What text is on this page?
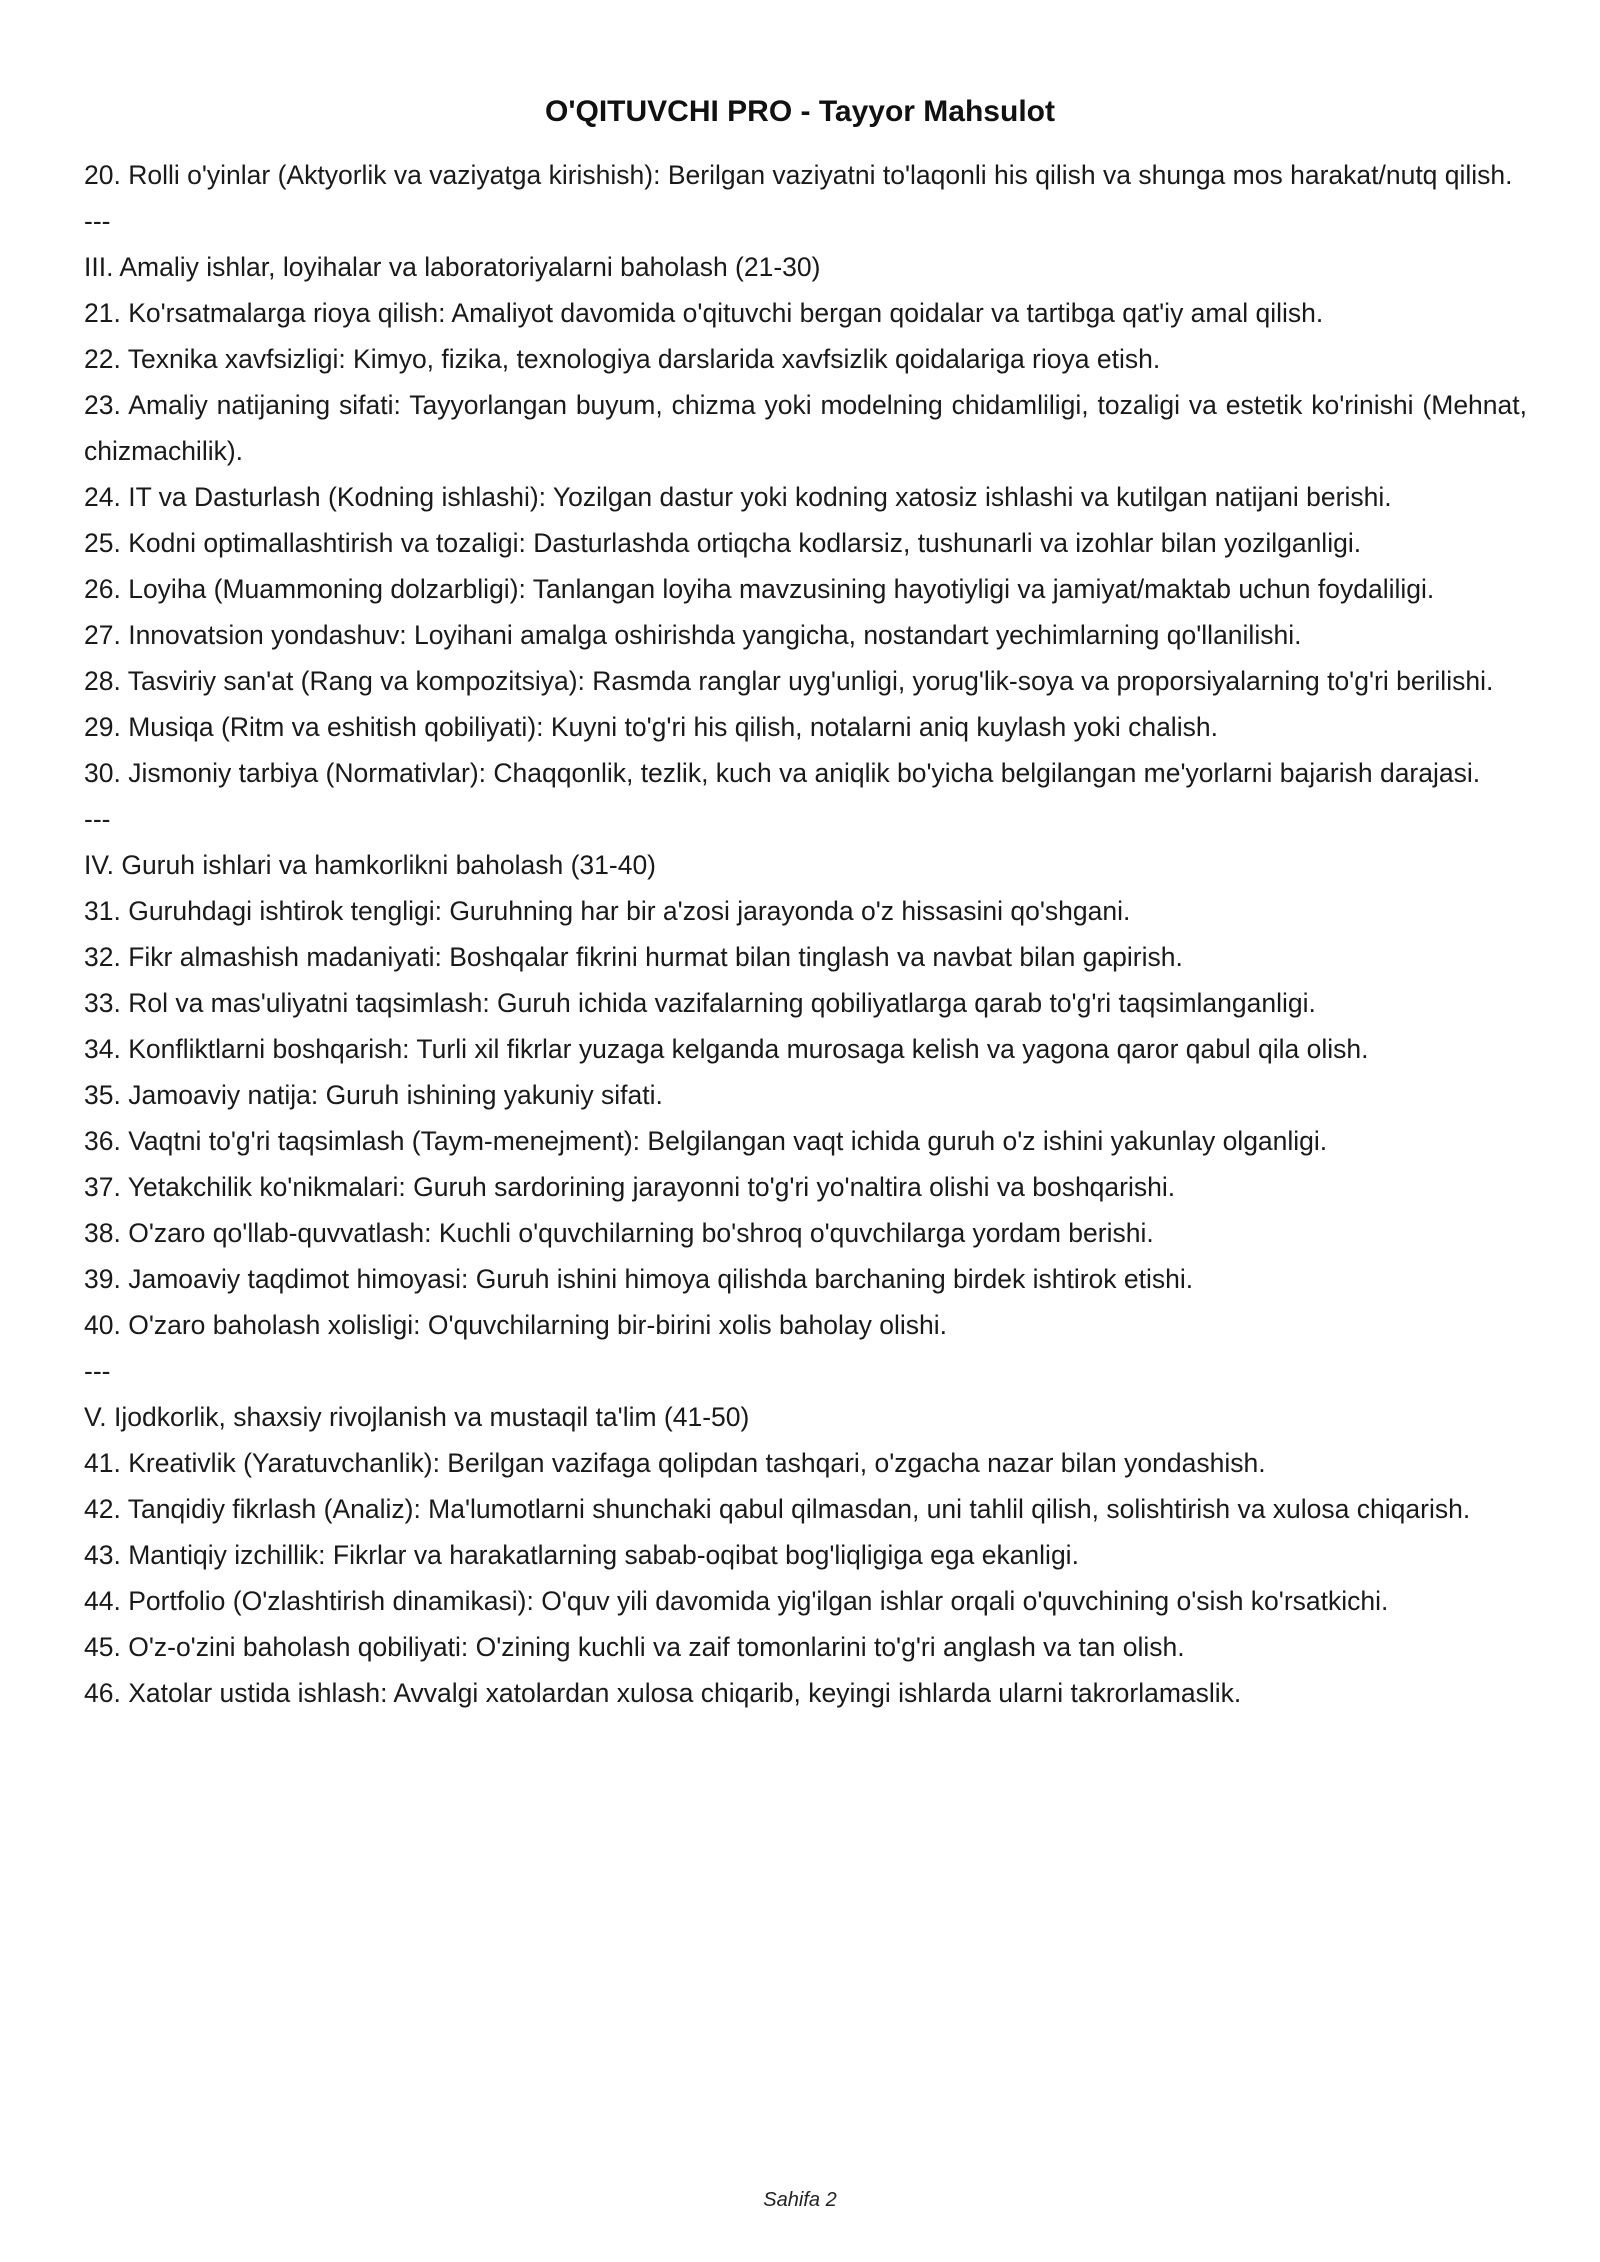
O'QITUVCHI PRO - Tayyor Mahsulot

20. Rolli o'yinlar (Aktyorlik va vaziyatga kirishish): Berilgan vaziyatni to'laqonli his qilish va shunga mos harakat/nutq qilish.

---

III. Amaliy ishlar, loyihalar va laboratoriyalarni baholash (21-30)

21. Ko'rsatmalarga rioya qilish: Amaliyot davomida o'qituvchi bergan qoidalar va tartibga qat'iy amal qilish.

22. Texnika xavfsizligi: Kimyo, fizika, texnologiya darslarida xavfsizlik qoidalariga rioya etish.

23. Amaliy natijaning sifati: Tayyorlangan buyum, chizma yoki modelning chidamliligi, tozaligi va estetik ko'rinishi (Mehnat, chizmachilik).

24. IT va Dasturlash (Kodning ishlashi): Yozilgan dastur yoki kodning xatosiz ishlashi va kutilgan natijani berishi.

25. Kodni optimallashtirish va tozaligi: Dasturlashda ortiqcha kodlarsiz, tushunarli va izohlar bilan yozilganligi.

26. Loyiha (Muammoning dolzarbligi): Tanlangan loyiha mavzusining hayotiyligi va jamiyat/maktab uchun foydaliligi.

27. Innovatsion yondashuv: Loyihani amalga oshirishda yangicha, nostandart yechimlarning qo'llanilishi.

28. Tasviriy san'at (Rang va kompozitsiya): Rasmda ranglar uyg'unligi, yorug'lik-soya va proporsiyalarning to'g'ri berilishi.

29. Musiqa (Ritm va eshitish qobiliyati): Kuyni to'g'ri his qilish, notalarni aniq kuylash yoki chalish.

30. Jismoniy tarbiya (Normativlar): Chaqqonlik, tezlik, kuch va aniqlik bo'yicha belgilangan me'yorlarni bajarish darajasi.

---

IV. Guruh ishlari va hamkorlikni baholash (31-40)

31. Guruhdagi ishtirok tengligi: Guruhning har bir a'zosi jarayonda o'z hissasini qo'shgani.

32. Fikr almashish madaniyati: Boshqalar fikrini hurmat bilan tinglash va navbat bilan gapirish.

33. Rol va mas'uliyatni taqsimlash: Guruh ichida vazifalarning qobiliyatlarga qarab to'g'ri taqsimlanganligi.

34. Konfliktlarni boshqarish: Turli xil fikrlar yuzaga kelganda murosaga kelish va yagona qaror qabul qila olish.

35. Jamoaviy natija: Guruh ishining yakuniy sifati.

36. Vaqtni to'g'ri taqsimlash (Taym-menejment): Belgilangan vaqt ichida guruh o'z ishini yakunlay olganligi.

37. Yetakchilik ko'nikmalari: Guruh sardorining jarayonni to'g'ri yo'naltira olishi va boshqarishi.

38. O'zaro qo'llab-quvvatlash: Kuchli o'quvchilarning bo'shroq o'quvchilarga yordam berishi.

39. Jamoaviy taqdimot himoyasi: Guruh ishini himoya qilishda barchaning birdek ishtirok etishi.

40. O'zaro baholash xolisligi: O'quvchilarning bir-birini xolis baholay olishi.

---

V. Ijodkorlik, shaxsiy rivojlanish va mustaqil ta'lim (41-50)

41. Kreativlik (Yaratuvchanlik): Berilgan vazifaga qolipdan tashqari, o'zgacha nazar bilan yondashish.

42. Tanqidiy fikrlash (Analiz): Ma'lumotlarni shunchaki qabul qilmasdan, uni tahlil qilish, solishtirish va xulosa chiqarish.

43. Mantiqiy izchillik: Fikrlar va harakatlarning sabab-oqibat bog'liqligiga ega ekanligi.

44. Portfolio (O'zlashtirish dinamikasi): O'quv yili davomida yig'ilgan ishlar orqali o'quvchining o'sish ko'rsatkichi.

45. O'z-o'zini baholash qobiliyati: O'zining kuchli va zaif tomonlarini to'g'ri anglash va tan olish.

46. Xatolar ustida ishlash: Avvalgi xatolardan xulosa chiqarib, keyingi ishlarda ularni takrorlamaslik.

Sahifa 2
